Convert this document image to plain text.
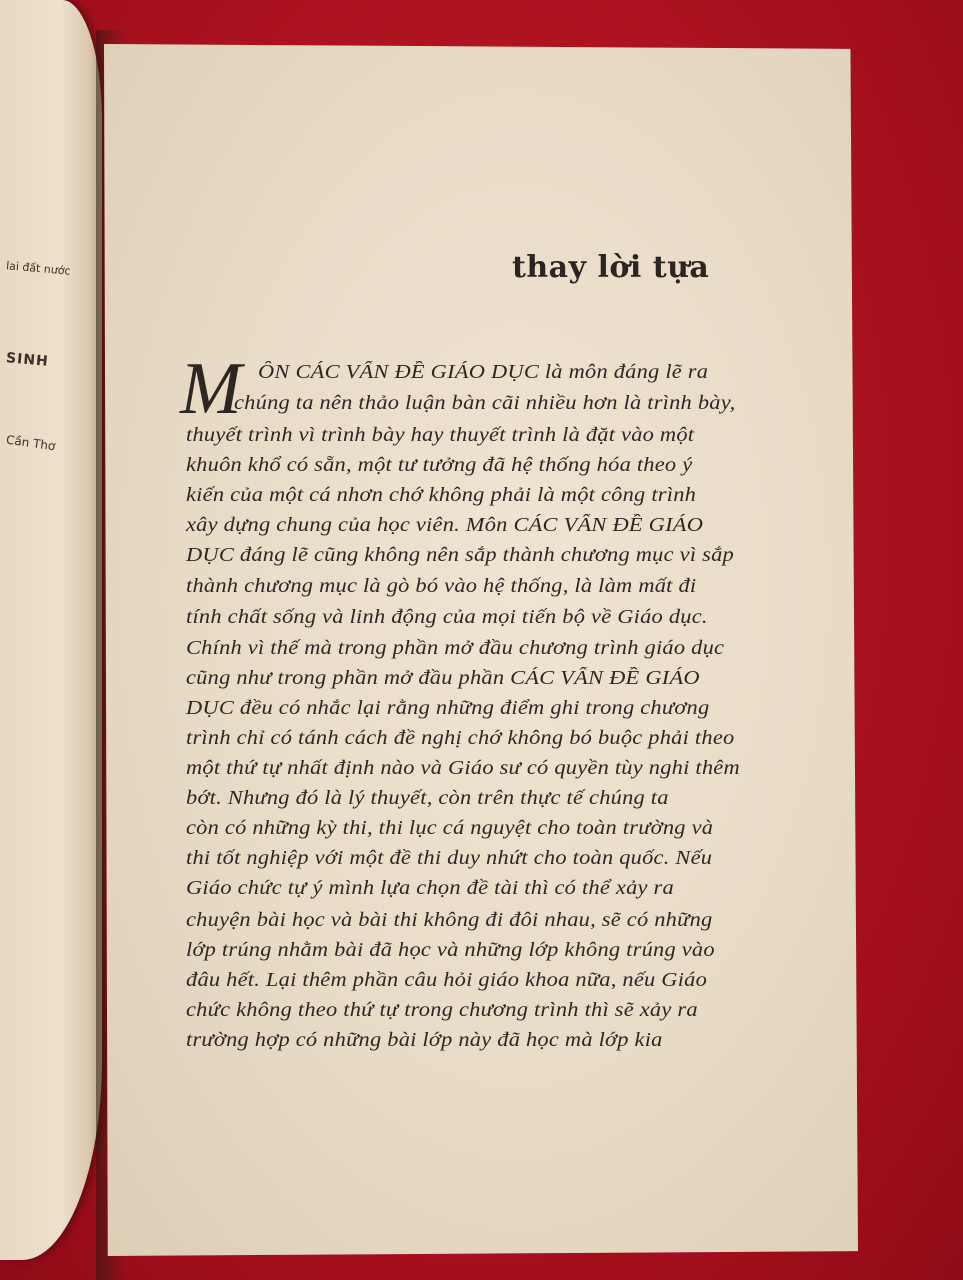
lai đất nước
SINH
Cần Thơ
thay lời tựa
M ÔN CÁC VẤN ĐỀ GIÁO DỤC là môn đáng lẽ ra
chúng ta nên thảo luận bàn cãi nhiều hơn là trình bày,
thuyết trình vì trình bày hay thuyết trình là đặt vào một
khuôn khổ có sẵn, một tư tưởng đã hệ thống hóa theo ý
kiến của một cá nhơn chớ không phải là một công trình
xây dựng chung của học viên. Môn CÁC VẤN ĐỀ GIÁO
DỤC đáng lẽ cũng không nên sắp thành chương mục vì sắp
thành chương mục là gò bó vào hệ thống, là làm mất đi
tính chất sống và linh động của mọi tiến bộ về Giáo dục.
Chính vì thế mà trong phần mở đầu chương trình giáo dục
cũng như trong phần mở đầu phần CÁC VẤN ĐỀ GIÁO
DỤC đều có nhắc lại rằng những điểm ghi trong chương
trình chỉ có tánh cách đề nghị chớ không bó buộc phải theo
một thứ tự nhất định nào và Giáo sư có quyền tùy nghi thêm
bớt. Nhưng đó là lý thuyết, còn trên thực tế chúng ta
còn có những kỳ thi, thi lục cá nguyệt cho toàn trường và
thi tốt nghiệp với một đề thi duy nhứt cho toàn quốc. Nếu
Giáo chức tự ý mình lựa chọn đề tài thì có thể xảy ra
chuyện bài học và bài thi không đi đôi nhau, sẽ có những
lớp trúng nhằm bài đã học và những lớp không trúng vào
đâu hết. Lại thêm phần câu hỏi giáo khoa nữa, nếu Giáo
chức không theo thứ tự trong chương trình thì sẽ xảy ra
trường hợp có những bài lớp này đã học mà lớp kia
